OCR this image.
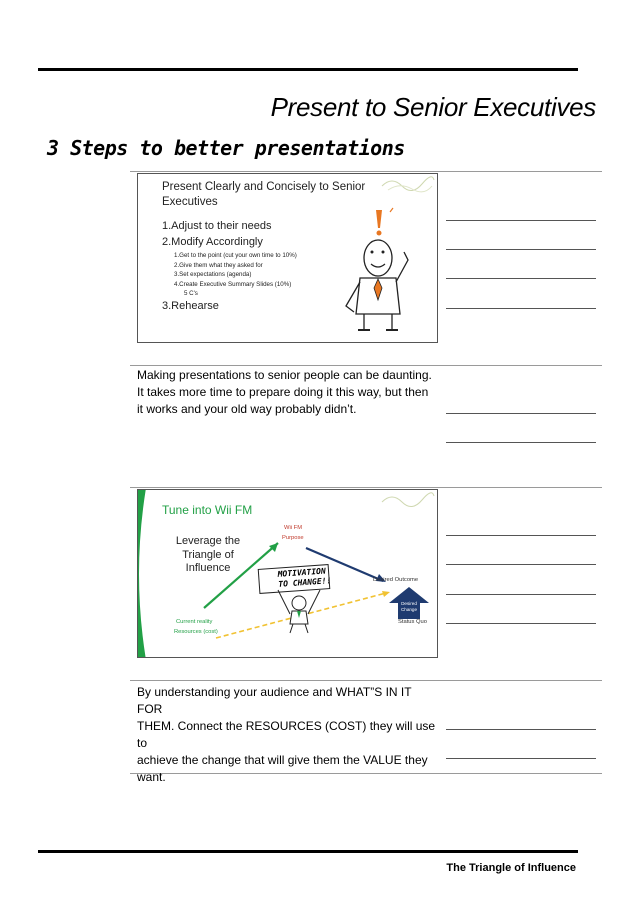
Present to Senior Executives
3 Steps to better presentations
Present Clearly and Concisely to Senior
Executives
1.Adjust to their needs
2.Modify Accordingly
1.Get to the point (cut your own time to 10%)
2.Give them what they asked for
3.Set expectations (agenda)
4.Create Executive Summary Slides (10%)
5 C's
3.Rehearse
Making presentations to senior people can be daunting.
It takes more time to prepare doing it this way, but then
it works and your old way probably didn’t.
Tune into Wii FM
Leverage the
Triangle of
Influence
Wii FM
Purpose
MOTIVATION
TO CHANGE!!	Desired Outcome
Desired
Change
Status Quo
Current reality
Resources (cost)
By understanding your audience and WHAT”S IN IT FOR
THEM. Connect the RESOURCES (COST) they will use to
achieve the change that will give them the VALUE they
want.
The Triangle of Influence
